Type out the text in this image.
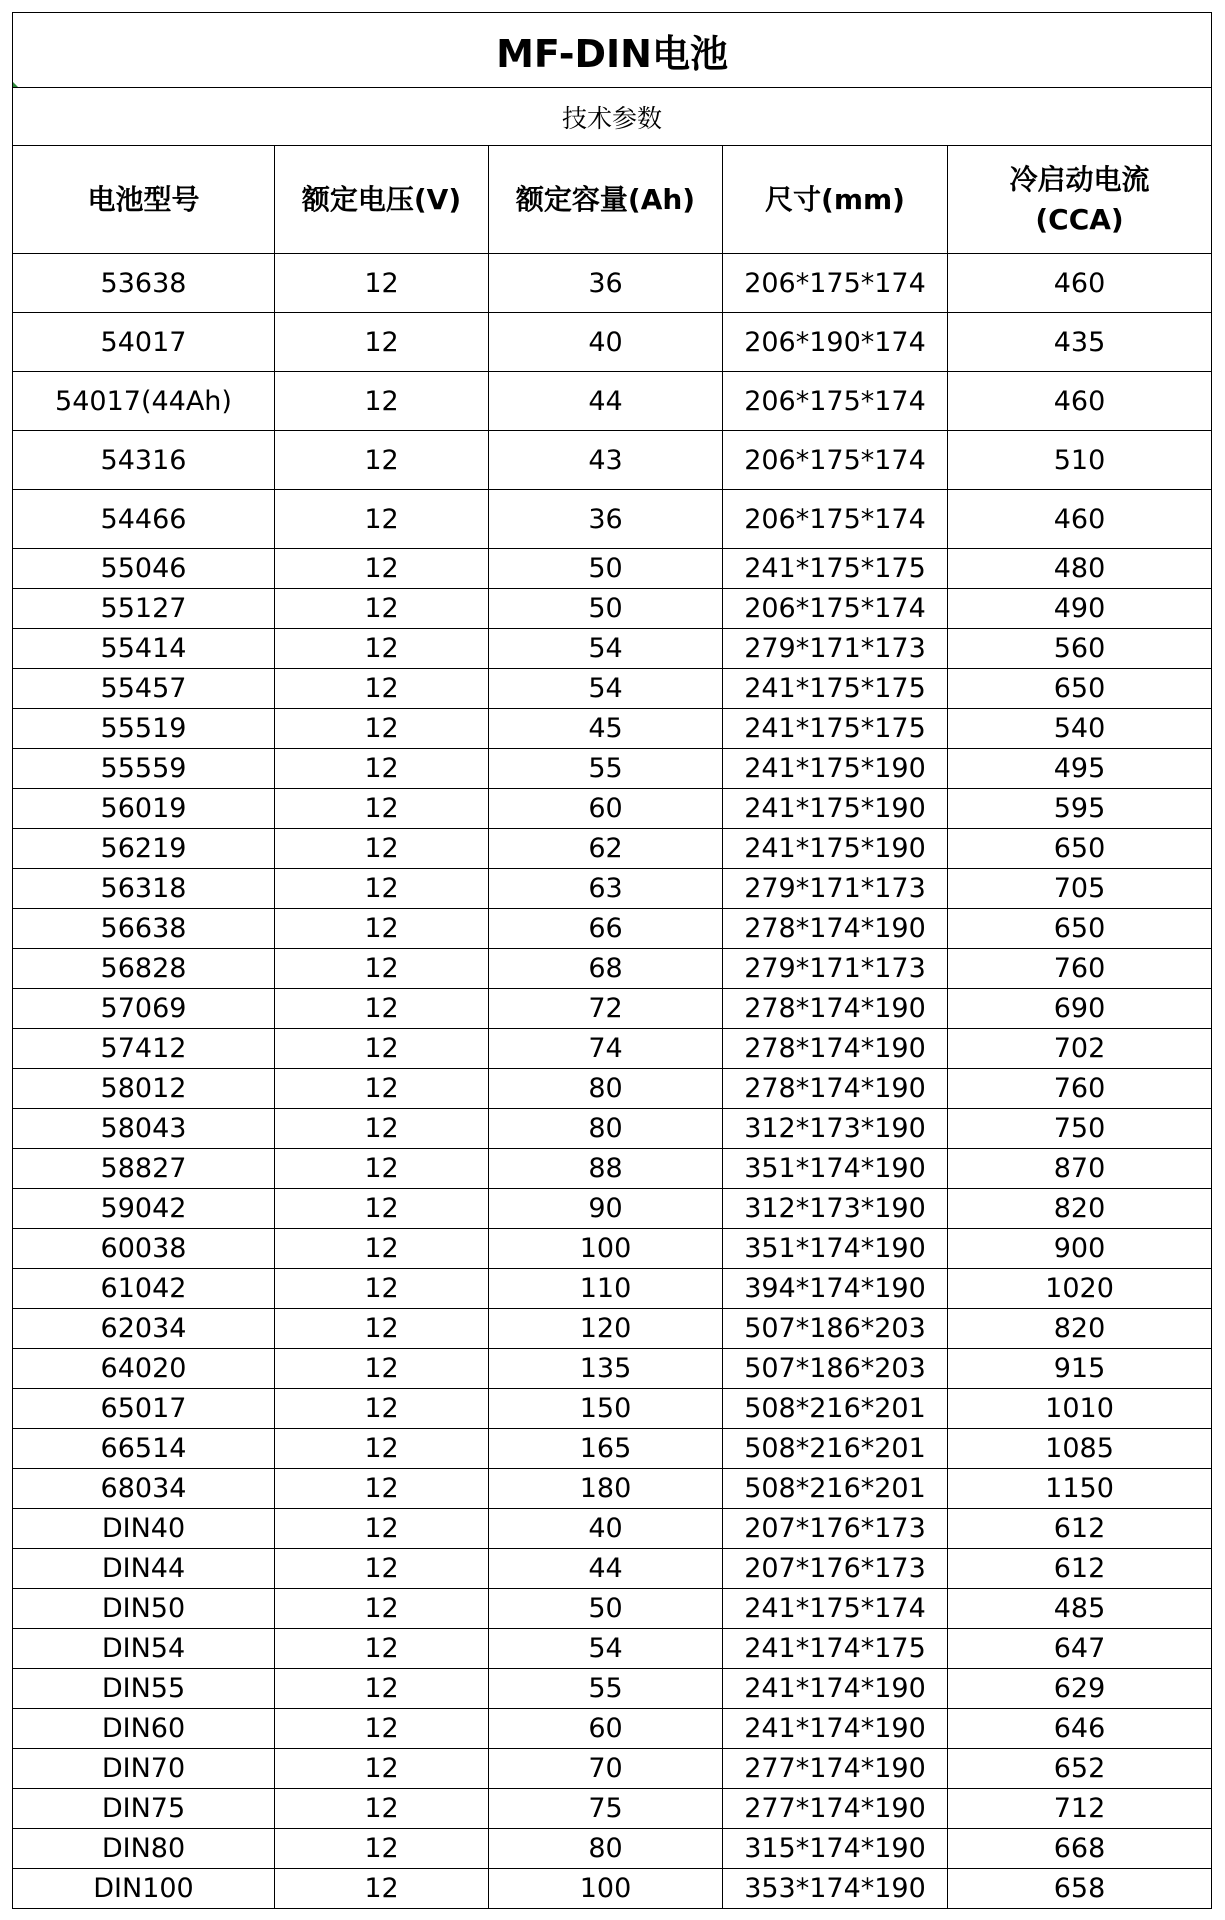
MF-DIN电池				

技术参数				

电池型号	额定电压(V)	额定容量(Ah)	尺寸(mm)	冷启动电流
(CCA)

53638	12	36	206*175*174	460
54017	12	40	206*190*174	435
54017(44Ah)	12	44	206*175*174	460
54316	12	43	206*175*174	510
54466	12	36	206*175*174	460
55046	12	50	241*175*175	480
55127	12	50	206*175*174	490
55414	12	54	279*171*173	560
55457	12	54	241*175*175	650
55519	12	45	241*175*175	540
55559	12	55	241*175*190	495
56019	12	60	241*175*190	595
56219	12	62	241*175*190	650
56318	12	63	279*171*173	705
56638	12	66	278*174*190	650
56828	12	68	279*171*173	760
57069	12	72	278*174*190	690
57412	12	74	278*174*190	702
58012	12	80	278*174*190	760
58043	12	80	312*173*190	750
58827	12	88	351*174*190	870
59042	12	90	312*173*190	820
60038	12	100	351*174*190	900
61042	12	110	394*174*190	1020
62034	12	120	507*186*203	820
64020	12	135	507*186*203	915
65017	12	150	508*216*201	1010
66514	12	165	508*216*201	1085
68034	12	180	508*216*201	1150
DIN40	12	40	207*176*173	612
DIN44	12	44	207*176*173	612
DIN50	12	50	241*175*174	485
DIN54	12	54	241*174*175	647
DIN55	12	55	241*174*190	629
DIN60	12	60	241*174*190	646
DIN70	12	70	277*174*190	652
DIN75	12	75	277*174*190	712
DIN80	12	80	315*174*190	668
DIN100	12	100	353*174*190	658
